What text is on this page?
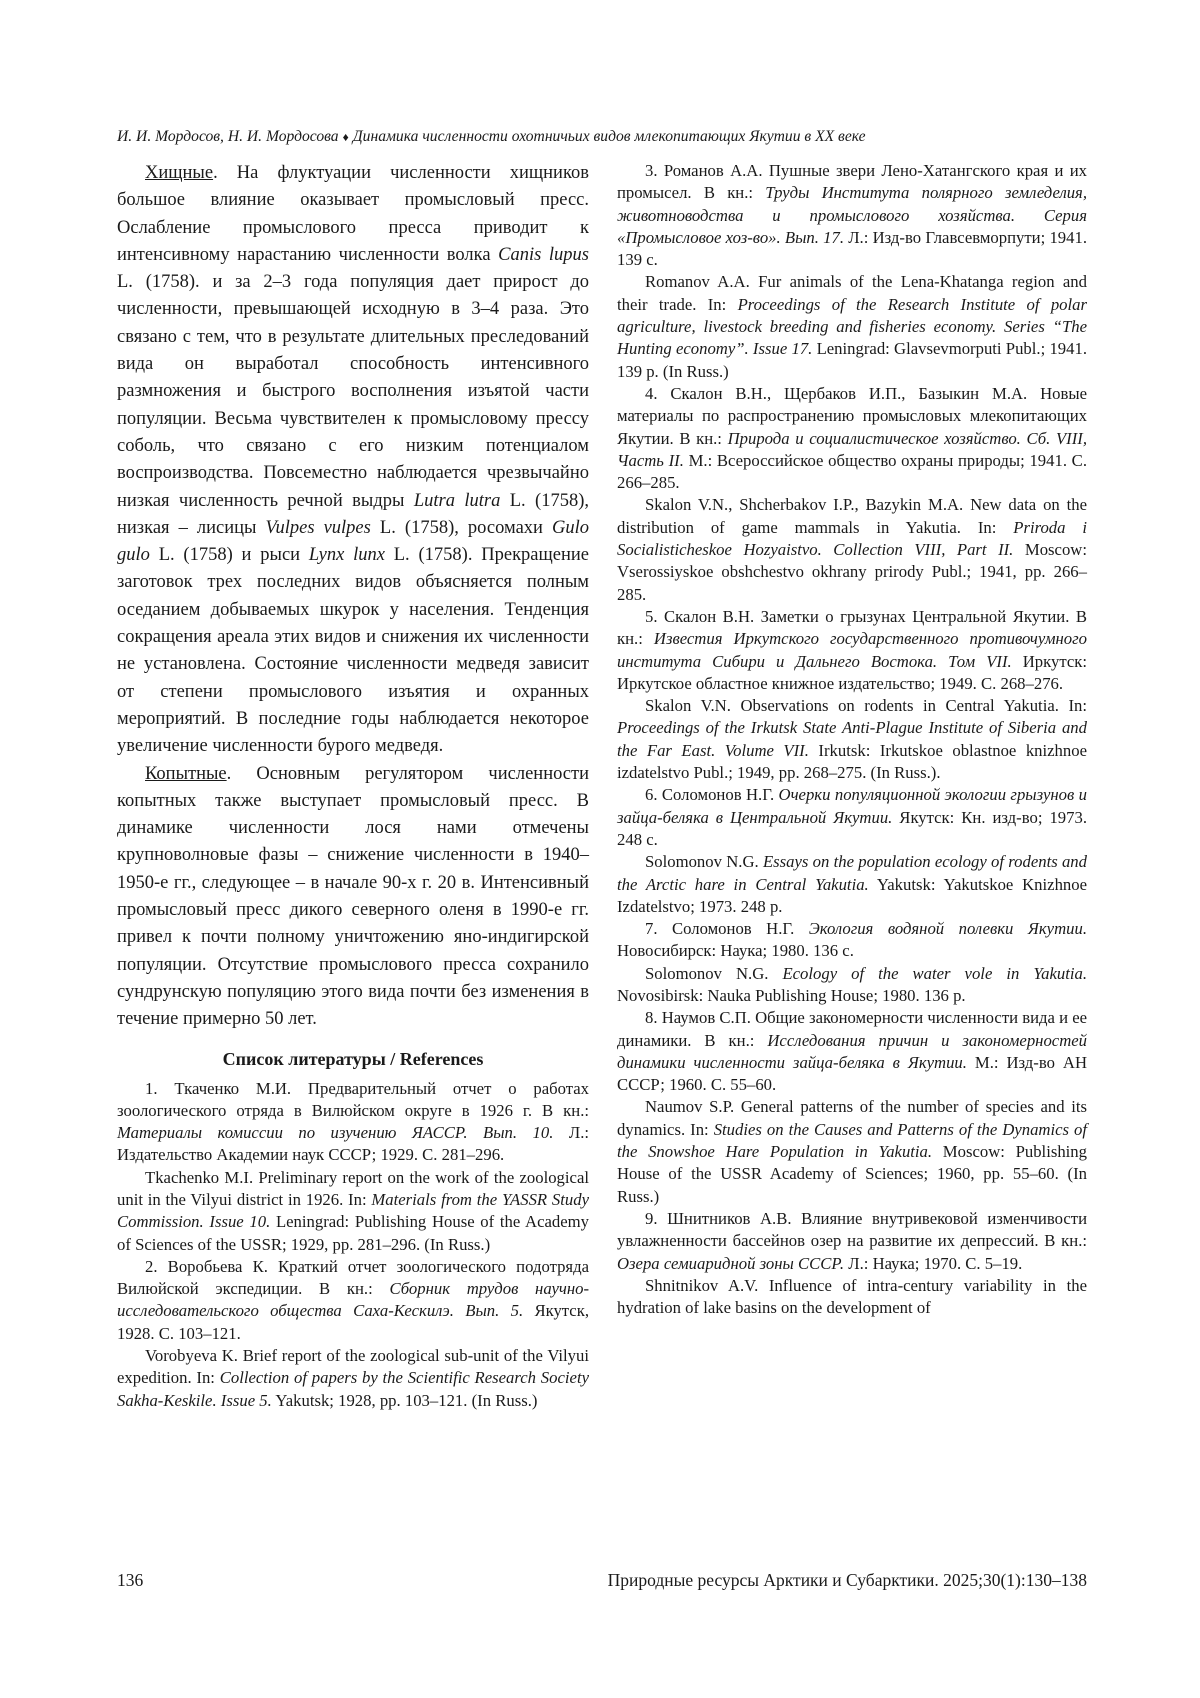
И. И. Мордосов, Н. И. Мордосова ♦ Динамика численности охотничьих видов млекопитающих Якутии в XX веке

Хищные. На флуктуации численности хищников большое влияние оказывает промысловый пресс. Ослабление промыслового пресса приводит к интенсивному нарастанию численности волка Canis lupus L. (1758). и за 2–3 года популяция дает прирост до численности, превышающей исходную в 3–4 раза. Это связано с тем, что в результате длительных преследований вида он выработал способность интенсивного размножения и быстрого восполнения изъятой части популяции. Весьма чувствителен к промысловому прессу соболь, что связано с его низким потенциалом воспроизводства. Повсеместно наблюдается чрезвычайно низкая численность речной выдры Lutra lutra L. (1758), низкая – лисицы Vulpes vulpes L. (1758), росомахи Gulo gulo L. (1758) и рыси Lynx lunx L. (1758). Прекращение заготовок трех последних видов объясняется полным оседанием добываемых шкурок у населения. Тенденция сокращения ареала этих видов и снижения их численности не установлена. Состояние численности медведя зависит от степени промыслового изъятия и охранных мероприятий. В последние годы наблюдается некоторое увеличение численности бурого медведя.

Копытные. Основным регулятором численности копытных также выступает промысловый пресс. В динамике численности лося нами отмечены крупноволновые фазы – снижение численности в 1940–1950-е гг., следующее – в начале 90-х г. 20 в. Интенсивный промысловый пресс дикого северного оленя в 1990-е гг. привел к почти полному уничтожению яно-индигирской популяции. Отсутствие промыслового пресса сохранило сундрунскую популяцию этого вида почти без изменения в течение примерно 50 лет.

Список литературы / References

1. Ткаченко М.И. Предварительный отчет о работах зоологического отряда в Вилюйском округе в 1926 г. В кн.: Материалы комиссии по изучению ЯАССР. Вып. 10. Л.: Издательство Академии наук СССР; 1929. С. 281–296.

Tkachenko M.I. Preliminary report on the work of the zoological unit in the Vilyui district in 1926. In: Materials from the YASSR Study Commission. Issue 10. Leningrad: Publishing House of the Academy of Sciences of the USSR; 1929, pp. 281–296. (In Russ.)

2. Воробьева К. Краткий отчет зоологического подотряда Вилюйской экспедиции. В кн.: Сборник трудов научно-исследовательского общества Саха-Кескилэ. Вып. 5. Якутск, 1928. С. 103–121.

Vorobyeva K. Brief report of the zoological sub-unit of the Vilyui expedition. In: Collection of papers by the Scientific Research Society Sakha-Keskile. Issue 5. Yakutsk; 1928, pp. 103–121. (In Russ.)

3. Романов А.А. Пушные звери Лено-Хатангского края и их промысел. В кн.: Труды Института полярного земледелия, животноводства и промыслового хозяйства. Серия «Промысловое хоз-во». Вып. 17. Л.: Изд-во Главсевморпути; 1941. 139 с.

Romanov A.A. Fur animals of the Lena-Khatanga region and their trade. In: Proceedings of the Research Institute of polar agriculture, livestock breeding and fisheries economy. Series “The Hunting economy”. Issue 17. Leningrad: Glavsevmorputi Publ.; 1941. 139 p. (In Russ.)

4. Скалон В.Н., Щербаков И.П., Базыкин М.А. Новые материалы по распространению промысловых млекопитающих Якутии. В кн.: Природа и социалистическое хозяйство. Сб. VIII, Часть II. М.: Всероссийское общество охраны природы; 1941. С. 266–285.

Skalon V.N., Shcherbakov I.P., Bazykin M.A. New data on the distribution of game mammals in Yakutia. In: Priroda i Socialisticheskoe Hozyaistvo. Collection VIII, Part II. Moscow: Vserossiyskoe obshchestvo okhrany prirody Publ.; 1941, pp. 266–285.

5. Скалон В.Н. Заметки о грызунах Центральной Якутии. В кн.: Известия Иркутского государственного противочумного института Сибири и Дальнего Востока. Том VII. Иркутск: Иркутское областное книжное издательство; 1949. С. 268–276.

Skalon V.N. Observations on rodents in Central Yakutia. In: Proceedings of the Irkutsk State Anti-Plague Institute of Siberia and the Far East. Volume VII. Irkutsk: Irkutskoe oblastnoe knizhnoe izdatelstvo Publ.; 1949, pp. 268–275. (In Russ.).

6. Соломонов Н.Г. Очерки популяционной экологии грызунов и зайца-беляка в Центральной Якутии. Якутск: Кн. изд-во; 1973. 248 с.

Solomonov N.G. Essays on the population ecology of rodents and the Arctic hare in Central Yakutia. Yakutsk: Yakutskoe Knizhnoe Izdatelstvo; 1973. 248 p.

7. Соломонов Н.Г. Экология водяной полевки Якутии. Новосибирск: Наука; 1980. 136 с.

Solomonov N.G. Ecology of the water vole in Yakutia. Novosibirsk: Nauka Publishing House; 1980. 136 p.

8. Наумов С.П. Общие закономерности численности вида и ее динамики. В кн.: Исследования причин и закономерностей динамики численности зайца-беляка в Якутии. М.: Изд-во АН СССР; 1960. С. 55–60.

Naumov S.P. General patterns of the number of species and its dynamics. In: Studies on the Causes and Patterns of the Dynamics of the Snowshoe Hare Population in Yakutia. Moscow: Publishing House of the USSR Academy of Sciences; 1960, pp. 55–60. (In Russ.)

9. Шнитников А.В. Влияние внутривековой изменчивости увлажненности бассейнов озер на развитие их депрессий. В кн.: Озера семиаридной зоны СССР. Л.: Наука; 1970. С. 5–19.

Shnitnikov A.V. Influence of intra-century variability in the hydration of lake basins on the development of

136	Природные ресурсы Арктики и Субарктики. 2025;30(1):130–138
